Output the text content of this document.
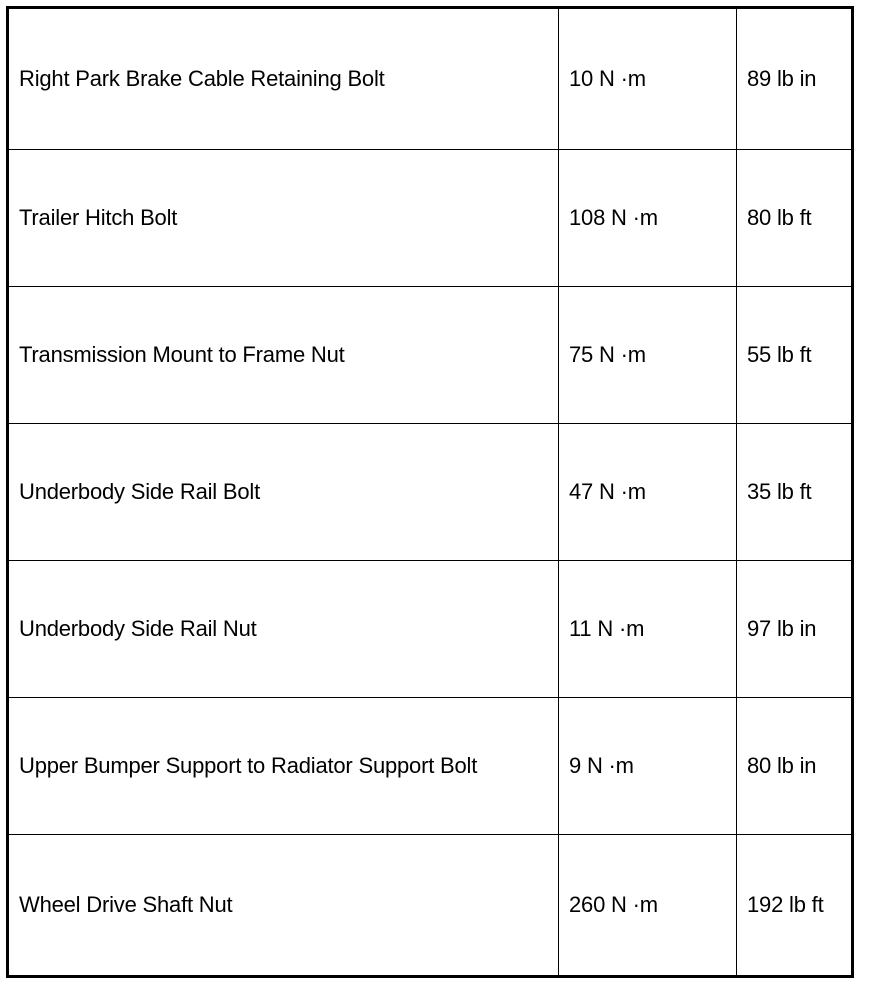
Right Park Brake Cable Retaining Bolt	10 N ·m	89 lb in
Trailer Hitch Bolt	108 N ·m	80 lb ft
Transmission Mount to Frame Nut	75 N ·m	55 lb ft
Underbody Side Rail Bolt	47 N ·m	35 lb ft
Underbody Side Rail Nut	11 N ·m	97 lb in
Upper Bumper Support to Radiator Support Bolt	9 N ·m	80 lb in
Wheel Drive Shaft Nut	260 N ·m	192 lb ft
